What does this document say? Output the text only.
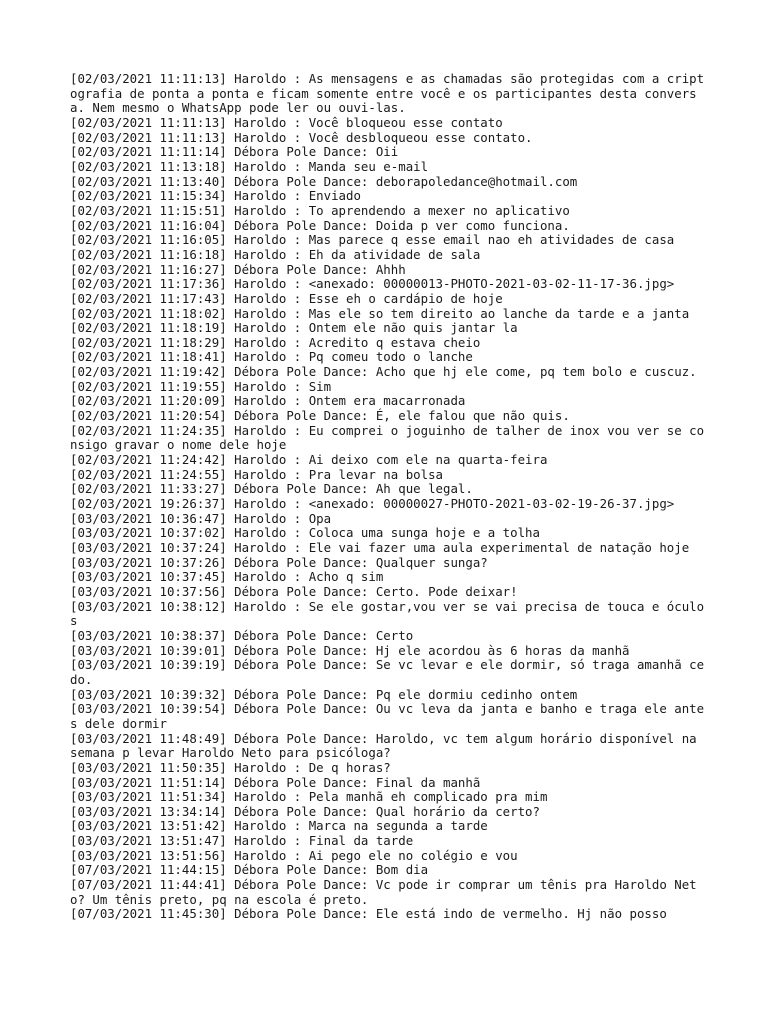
[02/03/2021 11:11:13] Haroldo : As mensagens e as chamadas são protegidas com a criptografia de ponta a ponta e ficam somente entre você e os participantes desta conversa. Nem mesmo o WhatsApp pode ler ou ouvi-las.

[02/03/2021 11:11:13] Haroldo : Você bloqueou esse contato

[02/03/2021 11:11:13] Haroldo : Você desbloqueou esse contato.

[02/03/2021 11:11:14] Débora Pole Dance: Oii

[02/03/2021 11:13:18] Haroldo : Manda seu e-mail

[02/03/2021 11:13:40] Débora Pole Dance: deborapoledance@hotmail.com

[02/03/2021 11:15:34] Haroldo : Enviado

[02/03/2021 11:15:51] Haroldo : To aprendendo a mexer no aplicativo

[02/03/2021 11:16:04] Débora Pole Dance: Doida p ver como funciona.

[02/03/2021 11:16:05] Haroldo : Mas parece q esse email nao eh atividades de casa

[02/03/2021 11:16:18] Haroldo : Eh da atividade de sala

[02/03/2021 11:16:27] Débora Pole Dance: Ahhh

[02/03/2021 11:17:36] Haroldo : <anexado: 00000013-PHOTO-2021-03-02-11-17-36.jpg>

[02/03/2021 11:17:43] Haroldo : Esse eh o cardápio de hoje

[02/03/2021 11:18:02] Haroldo : Mas ele so tem direito ao lanche da tarde e a janta

[02/03/2021 11:18:19] Haroldo : Ontem ele não quis jantar la

[02/03/2021 11:18:29] Haroldo : Acredito q estava cheio

[02/03/2021 11:18:41] Haroldo : Pq comeu todo o lanche

[02/03/2021 11:19:42] Débora Pole Dance: Acho que hj ele come, pq tem bolo e cuscuz.

[02/03/2021 11:19:55] Haroldo : Sim

[02/03/2021 11:20:09] Haroldo : Ontem era macarronada

[02/03/2021 11:20:54] Débora Pole Dance: É, ele falou que não quis.

[02/03/2021 11:24:35] Haroldo : Eu comprei o joguinho de talher de inox vou ver se consigo gravar o nome dele hoje

[02/03/2021 11:24:42] Haroldo : Ai deixo com ele na quarta-feira

[02/03/2021 11:24:55] Haroldo : Pra levar na bolsa

[02/03/2021 11:33:27] Débora Pole Dance: Ah que legal.

[02/03/2021 19:26:37] Haroldo : <anexado: 00000027-PHOTO-2021-03-02-19-26-37.jpg>

[03/03/2021 10:36:47] Haroldo : Opa

[03/03/2021 10:37:02] Haroldo : Coloca uma sunga hoje e a tolha

[03/03/2021 10:37:24] Haroldo : Ele vai fazer uma aula experimental de natação hoje

[03/03/2021 10:37:26] Débora Pole Dance: Qualquer sunga?

[03/03/2021 10:37:45] Haroldo : Acho q sim

[03/03/2021 10:37:56] Débora Pole Dance: Certo. Pode deixar!

[03/03/2021 10:38:12] Haroldo : Se ele gostar,vou ver se vai precisa de touca e óculos

[03/03/2021 10:38:37] Débora Pole Dance: Certo

[03/03/2021 10:39:01] Débora Pole Dance: Hj ele acordou às 6 horas da manhã

[03/03/2021 10:39:19] Débora Pole Dance: Se vc levar e ele dormir, só traga amanhã cedo.

[03/03/2021 10:39:32] Débora Pole Dance: Pq ele dormiu cedinho ontem

[03/03/2021 10:39:54] Débora Pole Dance: Ou vc leva da janta e banho e traga ele antes dele dormir

[03/03/2021 11:48:49] Débora Pole Dance: Haroldo, vc tem algum horário disponível na semana p levar Haroldo Neto para psicóloga?

[03/03/2021 11:50:35] Haroldo : De q horas?

[03/03/2021 11:51:14] Débora Pole Dance: Final da manhã

[03/03/2021 11:51:34] Haroldo : Pela manhã eh complicado pra mim

[03/03/2021 13:34:14] Débora Pole Dance: Qual horário da certo?

[03/03/2021 13:51:42] Haroldo : Marca na segunda a tarde

[03/03/2021 13:51:47] Haroldo : Final da tarde

[03/03/2021 13:51:56] Haroldo : Ai pego ele no colégio e vou

[07/03/2021 11:44:15] Débora Pole Dance: Bom dia

[07/03/2021 11:44:41] Débora Pole Dance: Vc pode ir comprar um tênis pra Haroldo Neto? Um tênis preto, pq na escola é preto.

[07/03/2021 11:45:30] Débora Pole Dance: Ele está indo de vermelho. Hj não posso
